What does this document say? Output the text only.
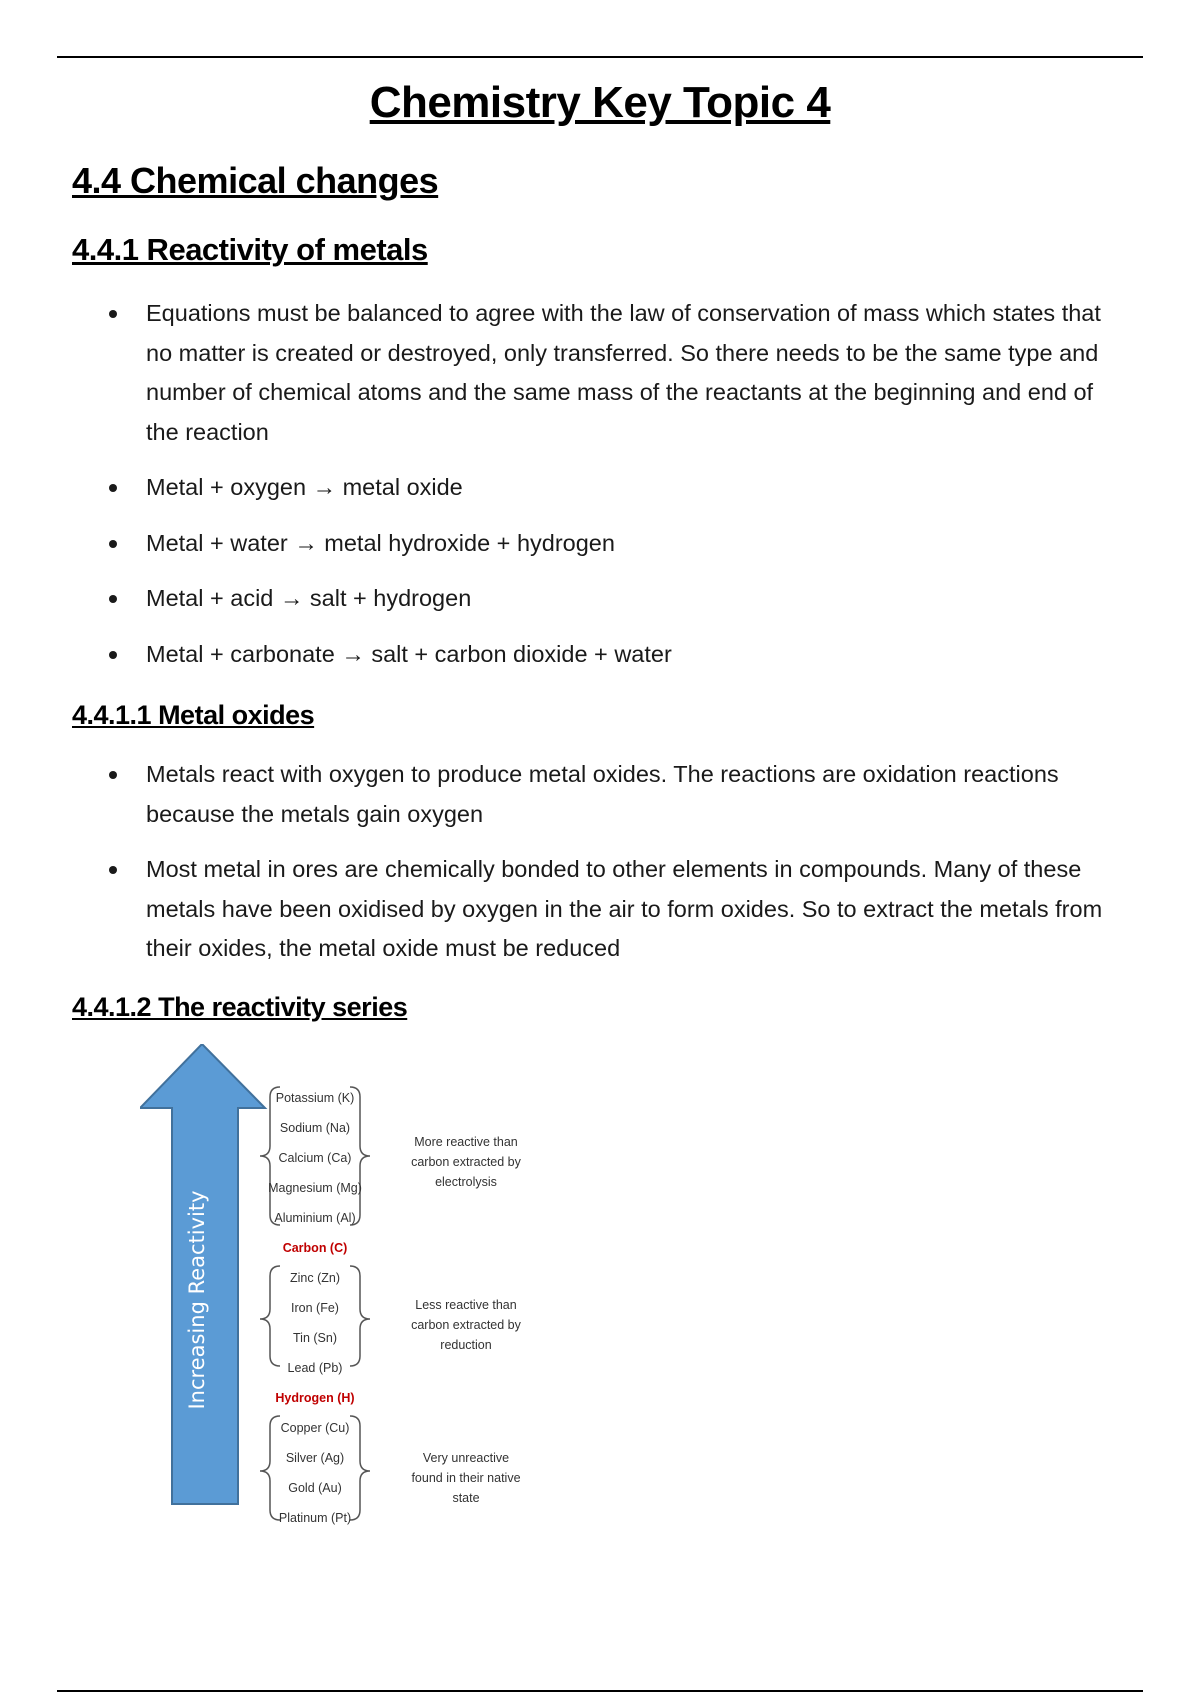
Chemistry Key Topic 4
4.4 Chemical changes
4.4.1 Reactivity of metals
Equations must be balanced to agree with the law of conservation of mass which states that no matter is created or destroyed, only transferred. So there needs to be the same type and number of chemical atoms and the same mass of the reactants at the beginning and end of the reaction
Metal + oxygen → metal oxide
Metal + water → metal hydroxide + hydrogen
Metal + acid → salt + hydrogen
Metal + carbonate → salt + carbon dioxide + water
4.4.1.1 Metal oxides
Metals react with oxygen to produce metal oxides. The reactions are oxidation reactions because the metals gain oxygen
Most metal in ores are chemically bonded to other elements in compounds. Many of these metals have been oxidised by oxygen in the air to form oxides. So to extract the metals from their oxides, the metal oxide must be reduced
4.4.1.2 The reactivity series
Increasing Reactivity
Potassium (K)
Sodium (Na)
Calcium (Ca)
Magnesium (Mg)
Aluminium (Al)
Zinc (Zn)
Iron (Fe)
Tin (Sn)
Lead (Pb)
Copper (Cu)
Silver (Ag)
Gold (Au)
Platinum (Pt)
More reactive than
carbon extracted by
electrolysis
Less reactive than
carbon extracted by
reduction
Very unreactive
found in their native
state
Carbon (C)
Hydrogen (H)
